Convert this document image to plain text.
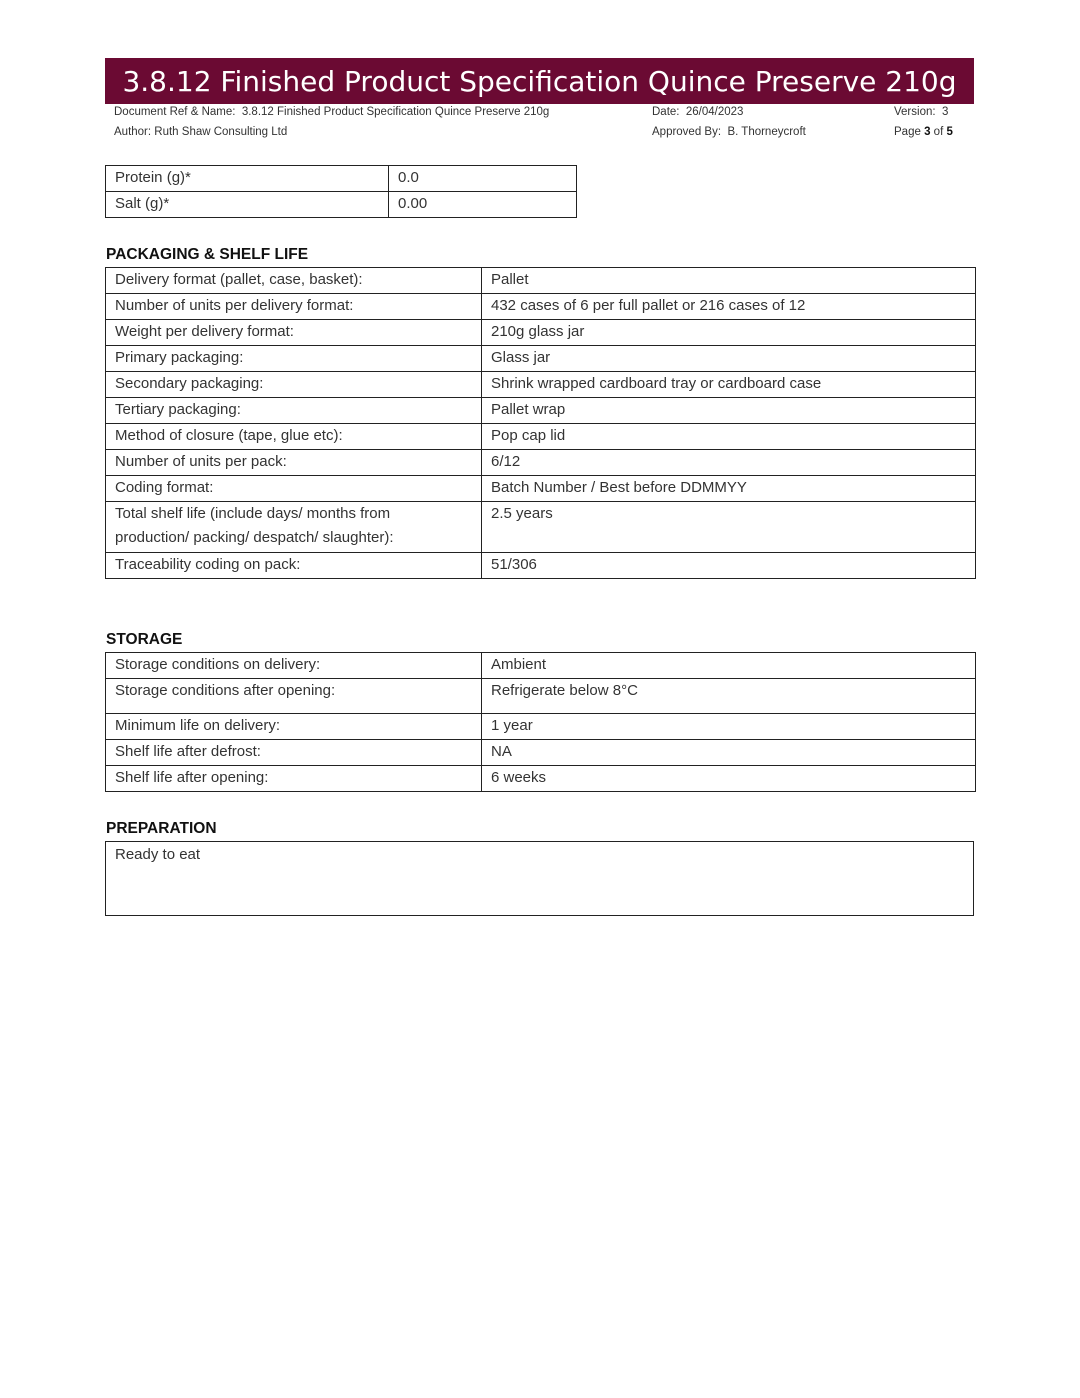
3.8.12 Finished Product Specification Quince Preserve 210g
Document Ref & Name: 3.8.12 Finished Product Specification Quince Preserve 210g	Date: 26/04/2023	Version: 3
Author: Ruth Shaw Consulting Ltd	Approved By: B. Thorneycroft	Page 3 of 5
Protein (g)*	0.0
Salt (g)*	0.00
PACKAGING & SHELF LIFE
Delivery format (pallet, case, basket):	Pallet
Number of units per delivery format:	432 cases of 6 per full pallet or 216 cases of 12
Weight per delivery format:	210g glass jar
Primary packaging:	Glass jar
Secondary packaging:	Shrink wrapped cardboard tray or cardboard case
Tertiary packaging:	Pallet wrap
Method of closure (tape, glue etc):	Pop cap lid
Number of units per pack:	6/12
Coding format:	Batch Number / Best before DDMMYY

Total shelf life (include days/ months from
production/ packing/ despatch/ slaughter):	2.5 years
Traceability coding on pack:	51/306
STORAGE
Storage conditions on delivery:	Ambient
Storage conditions after opening:	Refrigerate below 8°C
Minimum life on delivery:	1 year
Shelf life after defrost:	NA
Shelf life after opening:	6 weeks
PREPARATION
Ready to eat
